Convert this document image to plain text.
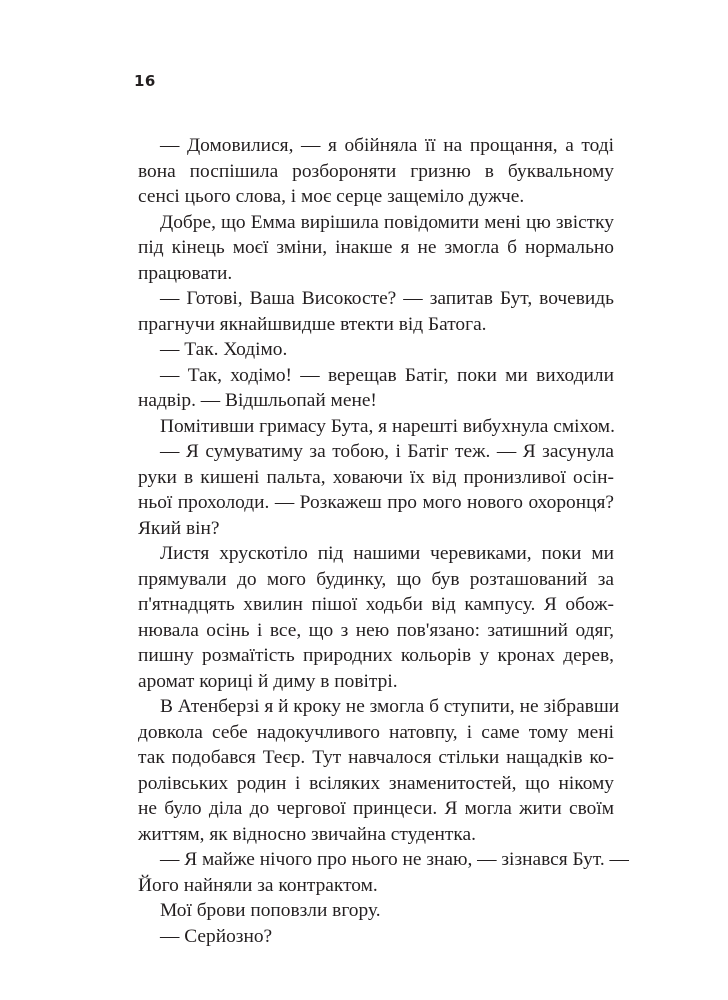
16
— Домовилися, — я обійняла її на прощання, а тоді
вона поспішила розбороняти гризню в буквальному
сенсі цього слова, і моє серце защеміло дужче.
Добре, що Емма вирішила повідомити мені цю звістку
під кінець моєї зміни, інакше я не змогла б нормально
працювати.
— Готові, Ваша Високосте? — запитав Бут, вочевидь
прагнучи якнайшвидше втекти від Батога.
— Так. Ходімо.
— Так, ходімо! — верещав Батіг, поки ми виходили
надвір. — Відшльопай мене!
Помітивши гримасу Бута, я нарешті вибухнула сміхом.
— Я сумуватиму за тобою, і Батіг теж. — Я засунула
руки в кишені пальта, ховаючи їх від пронизливої осін-
ньої прохолоди. — Розкажеш про мого нового охоронця?
Який він?
Листя хрускотіло під нашими черевиками, поки ми
прямували до мого будинку, що був розташований за
п'ятнадцять хвилин пішої ходьби від кампусу. Я обож-
нювала осінь і все, що з нею пов'язано: затишний одяг,
пишну розмаїтість природних кольорів у кронах дерев,
аромат кориці й диму в повітрі.
В Атенберзі я й кроку не змогла б ступити, не зібравши
довкола себе надокучливого натовпу, і саме тому мені
так подобався Теєр. Тут навчалося стільки нащадків ко-
ролівських родин і всіляких знаменитостей, що нікому
не було діла до чергової принцеси. Я могла жити своїм
життям, як відносно звичайна студентка.
— Я майже нічого про нього не знаю, — зізнався Бут. —
Його найняли за контрактом.
Мої брови поповзли вгору.
— Серйозно?
